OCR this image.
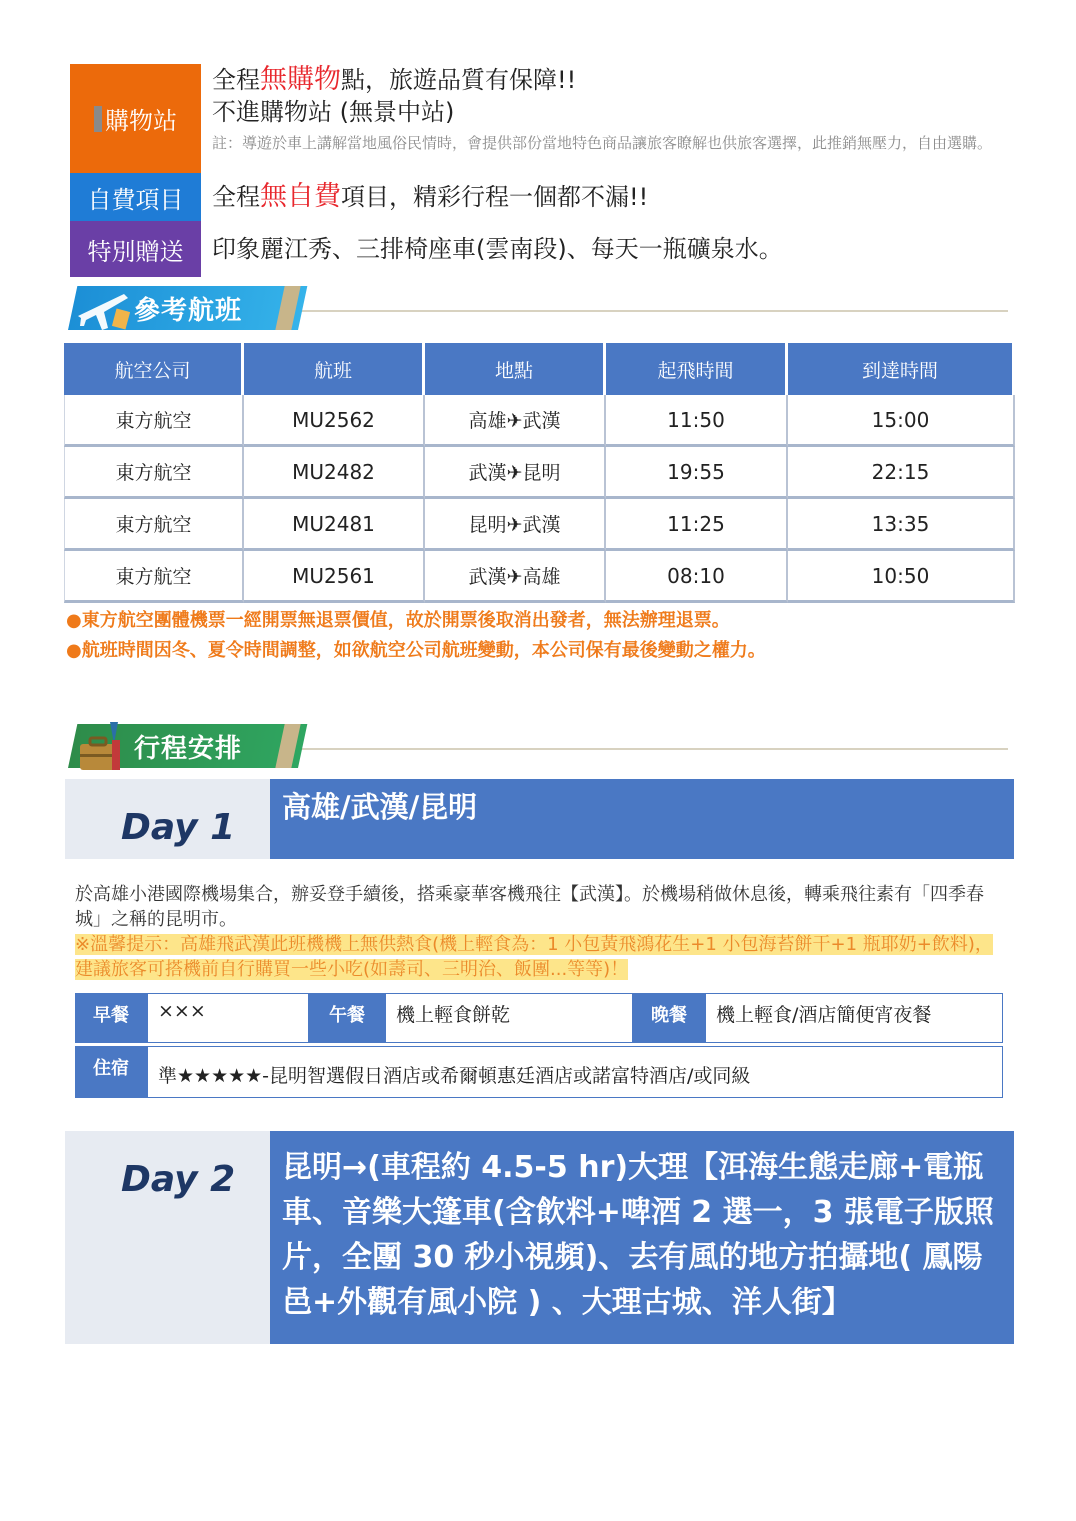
購物站
全程無購物點，旅遊品質有保障!!
不進購物站 (無景中站)
註：導遊於車上講解當地風俗民情時，會提供部份當地特色商品讓旅客瞭解也供旅客選擇，此推銷無壓力，自由選購。
自費項目	全程 無自費 項目，精彩行程一個都不漏!!
特別贈送	印象麗江秀、三排椅座車(雲南段)、每天一瓶礦泉水。
參考航班
航空公司	航班	地點	起飛時間	到達時間
東方航空	MU2562	高雄✈武漢	11:50	15:00
東方航空	MU2482	武漢✈昆明	19:55	22:15
東方航空	MU2481	昆明✈武漢	11:25	13:35
東方航空	MU2561	武漢✈高雄	08:10	10:50
●東方航空團體機票一經開票無退票價值，故於開票後取消出發者，無法辦理退票。
●航班時間因冬、夏令時間調整，如欲航空公司航班變動，本公司保有最後變動之權力。
行程安排
高雄/武漢/昆明
Day 1
於高雄小港國際機場集合，辦妥登手續後，搭乘豪華客機飛往【武漢】。於機場稍做休息後，轉乘飛往素有「四季春城」之稱的昆明市。
※溫馨提示：高雄飛武漢此班機機上無供熱食(機上輕食為：1 小包黃飛鴻花生+1 小包海苔餅干+1 瓶耶奶+飲料)，建議旅客可搭機前自行購買一些小吃(如壽司、三明治、飯團...等等)！
早餐	×××	午餐	機上輕食餅乾	晚餐	機上輕食/酒店簡便宵夜餐
住宿	準★★★★★-昆明智選假日酒店或希爾頓惠廷酒店或諾富特酒店/或同級
昆明→(車程約 4.5-5 hr)大理【洱海生態走廊+電瓶車、音樂大篷車(含飲料+啤酒 2 選一，3 張電子版照片，全團 30 秒小視頻)、去有風的地方拍攝地( 鳳陽邑+外觀有風小院 ) 、大理古城、洋人街】
Day 2
